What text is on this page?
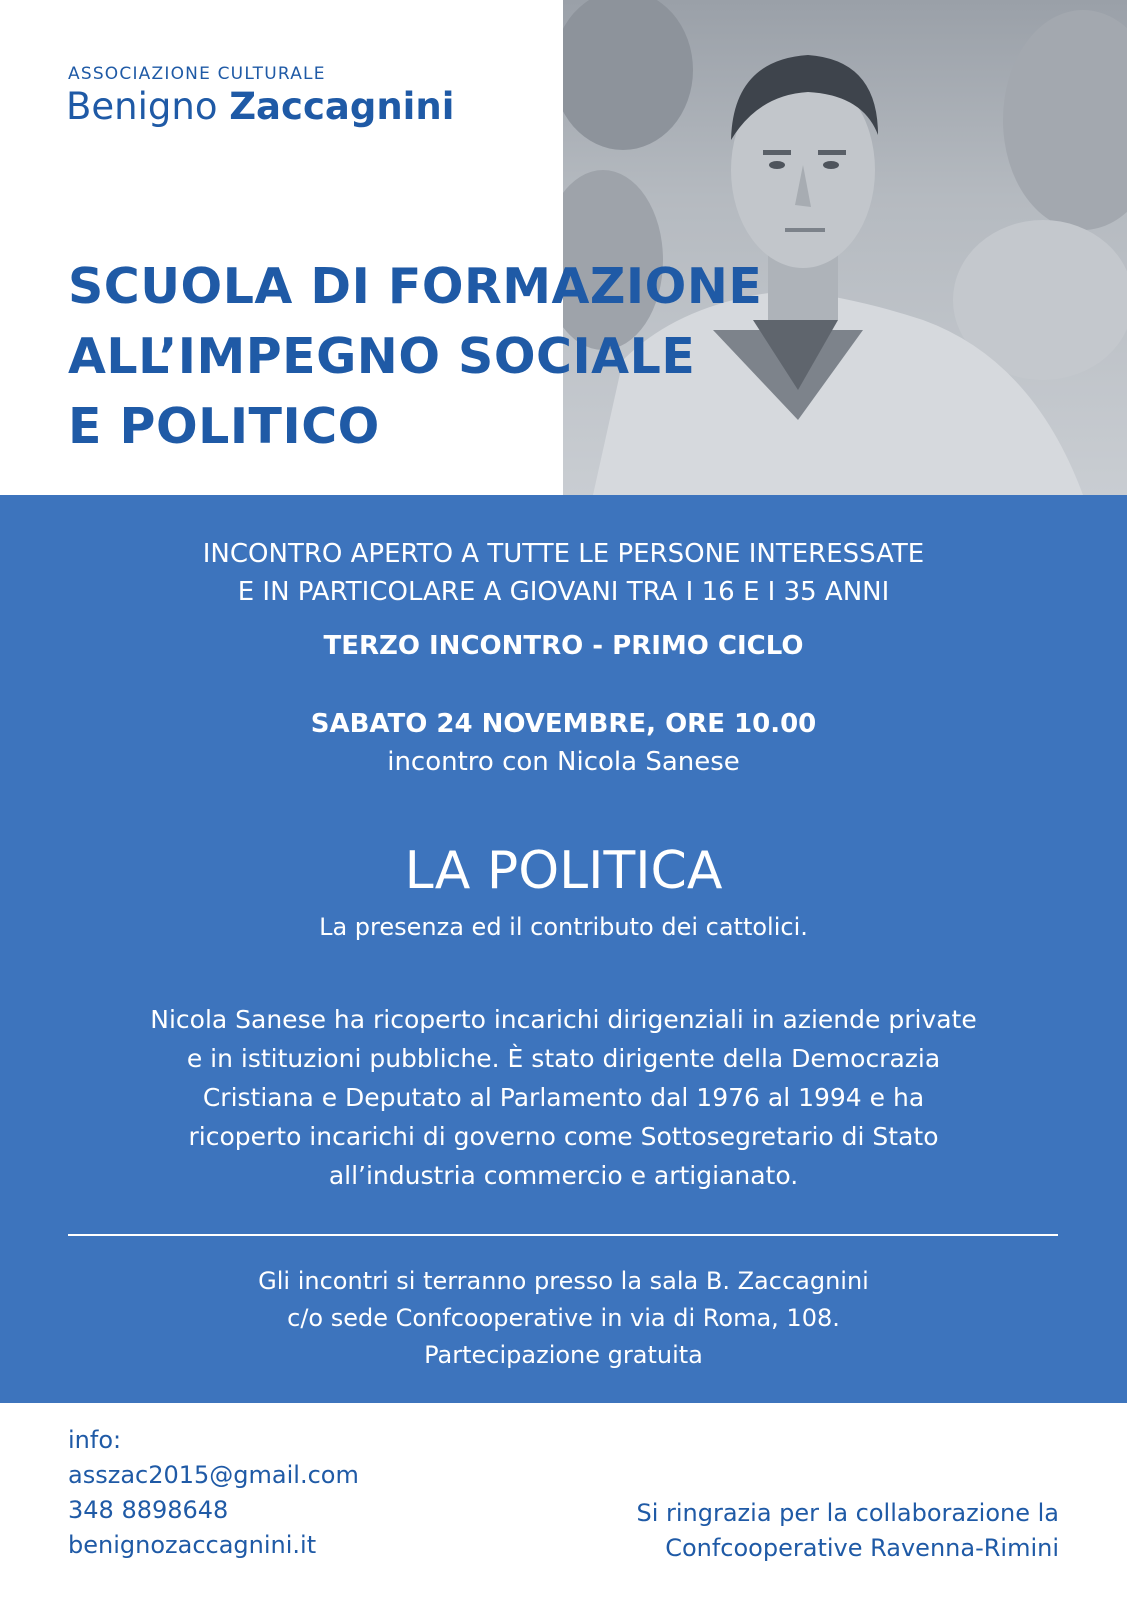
ASSOCIAZIONE CULTURALE
Benigno Zaccagnini
SCUOLA DI FORMAZIONE
ALL’IMPEGNO SOCIALE
E POLITICO
INCONTRO APERTO A TUTTE LE PERSONE INTERESSATE
E IN PARTICOLARE A GIOVANI TRA I 16 E I 35 ANNI
TERZO INCONTRO - PRIMO CICLO
SABATO 24 NOVEMBRE, ORE 10.00
incontro con Nicola Sanese
LA POLITICA
La presenza ed il contributo dei cattolici.
Nicola Sanese ha ricoperto incarichi dirigenziali in aziende private
e in istituzioni pubbliche. È stato dirigente della Democrazia
Cristiana e Deputato al Parlamento dal 1976 al 1994 e ha
ricoperto incarichi di governo come Sottosegretario di Stato
all’industria commercio e artigianato.
Gli incontri si terranno presso la sala B. Zaccagnini
c/o sede Confcooperative in via di Roma, 108.
Partecipazione gratuita
info:
asszac2015@gmail.com
348 8898648
benignozaccagnini.it
Si ringrazia per la collaborazione la
Confcooperative Ravenna-Rimini
